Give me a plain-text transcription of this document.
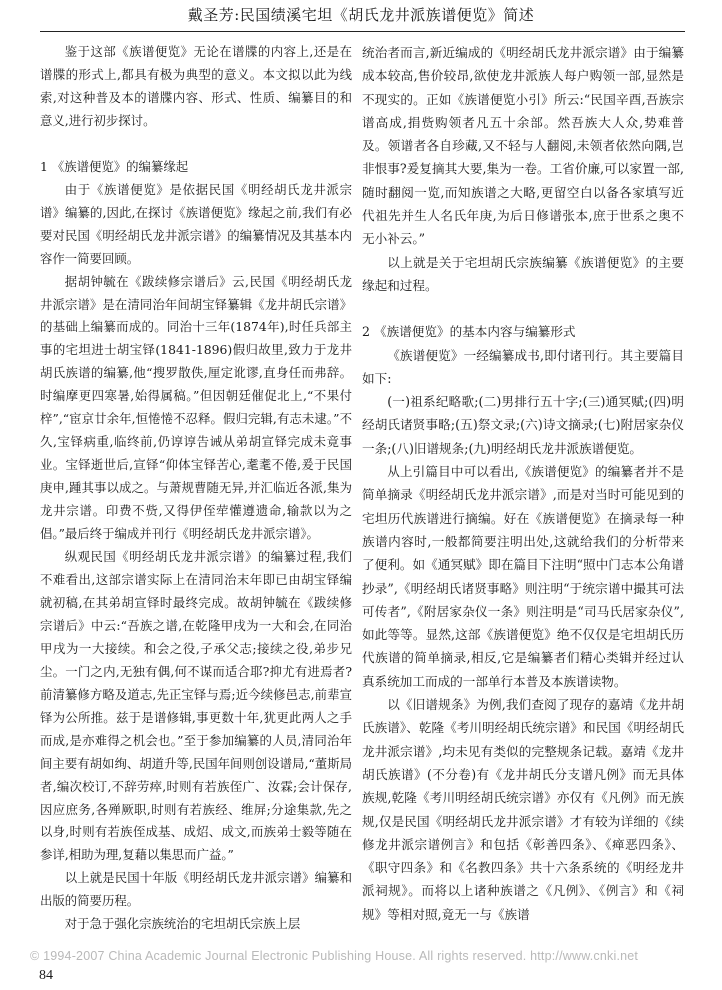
戴圣芳:民国绩溪宅坦《胡氏龙井派族谱便览》简述

鉴于这部《族谱便览》无论在谱牒的内容上,还是在谱牒的形式上,都具有极为典型的意义。本文拟以此为线索,对这种普及本的谱牒内容、形式、性质、编纂目的和意义,进行初步探讨。

1 《族谱便览》的编纂缘起

由于《族谱便览》是依据民国《明经胡氏龙井派宗谱》编纂的,因此,在探讨《族谱便览》缘起之前,我们有必要对民国《明经胡氏龙井派宗谱》的编纂情况及其基本内容作一简要回顾。

据胡钟毓在《跋续修宗谱后》云,民国《明经胡氏龙井派宗谱》是在清同治年间胡宝铎纂辑《龙井胡氏宗谱》的基础上编纂而成的。同治十三年(1874年),时任兵部主事的宅坦进士胡宝铎(1841-1896)假归故里,致力于龙井胡氏族谱的编纂,他“搜罗散佚,厘定讹谬,直身任而弗辞。时编摩更四寒暑,始得属稿。”但因朝廷催促北上,“不果付梓”,“宦京廿余年,恒惓惓不忍释。假归完辑,有志未逮。”不久,宝铎病重,临终前,仍谆谆告诫从弟胡宣铎完成未竟事业。宝铎逝世后,宣铎“仰体宝铎苦心,耄耄不倦,爰于民国庚申,踵其事以成之。与萧规曹随无异,并汇临近各派,集为龙井宗谱。印费不赀,又得伊侄荦懽遵遗命,输款以为之倡。”最后终于编成并刊行《明经胡氏龙井派宗谱》。

纵观民国《明经胡氏龙井派宗谱》的编纂过程,我们不难看出,这部宗谱实际上在清同治末年即已由胡宝铎编就初稿,在其弟胡宣铎时最终完成。故胡钟毓在《跋续修宗谱后》中云:“吾族之谱,在乾隆甲戌为一大和会,在同治甲戌为一大接续。和会之役,子承父志;接续之役,弟步兄尘。一门之内,无独有偶,何不谋而适合耶?抑尤有进焉者?前清纂修方略及道志,先正宝铎与焉;近今续修邑志,前辈宣铎为公所推。兹于是谱修辑,事更数十年,犹更此两人之手而成,是亦难得之机会也。”至于参加编纂的人员,清同治年间主要有胡如绚、胡道升等,民国年间则创设谱局,“董斯局者,编次校订,不辞劳瘁,时则有若族侄广、汝霖;会计保存,因应庶务,各殚厥职,时则有若族经、维屏;分途集款,先之以身,时则有若族侄成基、成炤、成文,而族弟士毅等随在参详,相助为理,复藉以集思而广益。”

以上就是民国十年版《明经胡氏龙井派宗谱》编纂和出版的简要历程。

对于急于强化宗族统治的宅坦胡氏宗族上层

统治者而言,新近编成的《明经胡氏龙井派宗谱》由于编纂成本较高,售价较昂,欲使龙井派族人每户购领一部,显然是不现实的。正如《族谱便览小引》所云:“民国辛酉,吾族宗谱高成,捐赀购领者凡五十余部。然吾族大人众,势难普及。领谱者各自珍藏,又不轻与人翻阅,未领者依然向隅,岂非恨事?爰复摘其大要,集为一卷。工省价廉,可以家置一部,随时翻阅一览,而知族谱之大略,更留空白以备各家填写近代祖先并生人名氏年庚,为后日修谱张本,庶于世系之奥不无小补云。”

以上就是关于宅坦胡氏宗族编纂《族谱便览》的主要缘起和过程。

2 《族谱便览》的基本内容与编纂形式

《族谱便览》一经编纂成书,即付诸刊行。其主要篇目如下:

(一)祖系纪略歌;(二)男排行五十字;(三)通冥赋;(四)明经胡氏诸贤事略;(五)祭文录;(六)诗文摘录;(七)附居家杂仪一条;(八)旧谱规条;(九)明经胡氏龙井派族谱便览。

从上引篇目中可以看出,《族谱便览》的编纂者并不是简单摘录《明经胡氏龙井派宗谱》,而是对当时可能见到的宅坦历代族谱进行摘编。好在《族谱便览》在摘录每一种族谱内容时,一般都简要注明出处,这就给我们的分析带来了便利。如《通冥赋》即在篇目下注明“照中门志本公角谱抄录”,《明经胡氏诸贤事略》则注明“于统宗谱中撮其可法可传者”,《附居家杂仪一条》则注明是“司马氏居家杂仪”,如此等等。显然,这部《族谱便览》绝不仅仅是宅坦胡氏历代族谱的简单摘录,相反,它是编纂者们精心类辑并经过认真系统加工而成的一部单行本普及本族谱读物。

以《旧谱规条》为例,我们查阅了现存的嘉靖《龙井胡氏族谱》、乾隆《考川明经胡氏统宗谱》和民国《明经胡氏龙井派宗谱》,均未见有类似的完整规条记载。嘉靖《龙井胡氏族谱》(不分卷)有《龙井胡氏分支谱凡例》而无具体族规,乾隆《考川明经胡氏统宗谱》亦仅有《凡例》而无族规,仅是民国《明经胡氏龙井派宗谱》才有较为详细的《续修龙井派宗谱例言》和包括《彰善四条》、《瘅恶四条》、《职守四条》和《名教四条》共十六条系统的《明经龙井派祠规》。而将以上诸种族谱之《凡例》、《例言》和《祠规》等相对照,竟无一与《族谱

© 1994-2007 China Academic Journal Electronic Publishing House. All rights reserved. http://www.cnki.net
84
